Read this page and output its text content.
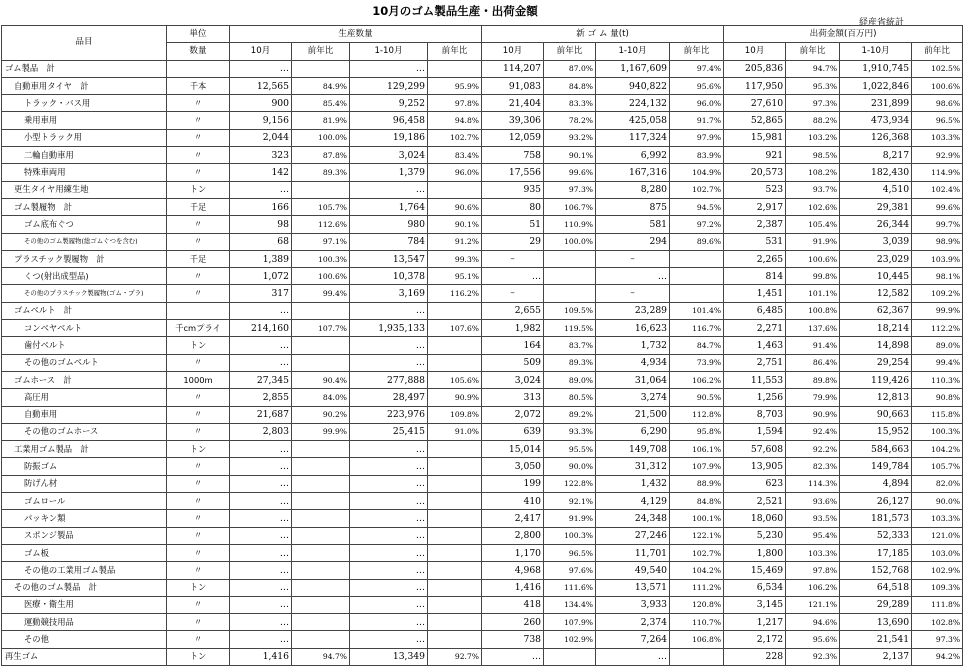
10月のゴム製品生産・出荷金額
経産省統計
品目	単位	生産数量				新 ゴ ム 量(t)				出荷金額(百万円)			
	数量	10月	前年比	1-10月	前年比	10月	前年比	1-10月	前年比	10月	前年比	1-10月	前年比
ゴム製品　計		…		…		114,207	87.0%	1,167,609	97.4%	205,836	94.7%	1,910,745	102.5%
自動車用タイヤ　計	千本	12,565	84.9%	129,299	95.9%	91,083	84.8%	940,822	95.6%	117,950	95.3%	1,022,846	100.6%
トラック・バス用	〃	900	85.4%	9,252	97.8%	21,404	83.3%	224,132	96.0%	27,610	97.3%	231,899	98.6%
乗用車用	〃	9,156	81.9%	96,458	94.8%	39,306	78.2%	425,058	91.7%	52,865	88.2%	473,934	96.5%
小型トラック用	〃	2,044	100.0%	19,186	102.7%	12,059	93.2%	117,324	97.9%	15,981	103.2%	126,368	103.3%
二輪自動車用	〃	323	87.8%	3,024	83.4%	758	90.1%	6,992	83.9%	921	98.5%	8,217	92.9%
特殊車両用	〃	142	89.3%	1,379	96.0%	17,556	99.6%	167,316	104.9%	20,573	108.2%	182,430	114.9%
更生タイヤ用練生地	トン	…		…		935	97.3%	8,280	102.7%	523	93.7%	4,510	102.4%
ゴム製履物　計	千足	166	105.7%	1,764	90.6%	80	106.7%	875	94.5%	2,917	102.6%	29,381	99.6%
ゴム底布ぐつ	〃	98	112.6%	980	90.1%	51	110.9%	581	97.2%	2,387	105.4%	26,344	99.7%
その他のゴム製履物(総ゴムぐつを含む)	〃	68	97.1%	784	91.2%	29	100.0%	294	89.6%	531	91.9%	3,039	98.9%
プラスチック製履物　計	千足	1,389	100.3%	13,547	99.3%	–		–		2,265	100.6%	23,029	103.9%
くつ(射出成型品)	〃	1,072	100.6%	10,378	95.1%	…		…		814	99.8%	10,445	98.1%
その他のプラスチック製履物(ゴム・プラ)	〃	317	99.4%	3,169	116.2%	–		–		1,451	101.1%	12,582	109.2%
ゴムベルト　計		…		…		2,655	109.5%	23,289	101.4%	6,485	100.8%	62,367	99.9%
コンベヤベルト	千cmプライ	214,160	107.7%	1,935,133	107.6%	1,982	119.5%	16,623	116.7%	2,271	137.6%	18,214	112.2%
歯付ベルト	トン	…		…		164	83.7%	1,732	84.7%	1,463	91.4%	14,898	89.0%
その他のゴムベルト	〃	…		…		509	89.3%	4,934	73.9%	2,751	86.4%	29,254	99.4%
ゴムホース　計	1000m	27,345	90.4%	277,888	105.6%	3,024	89.0%	31,064	106.2%	11,553	89.8%	119,426	110.3%
高圧用	〃	2,855	84.0%	28,497	90.9%	313	80.5%	3,274	90.5%	1,256	79.9%	12,813	90.8%
自動車用	〃	21,687	90.2%	223,976	109.8%	2,072	89.2%	21,500	112.8%	8,703	90.9%	90,663	115.8%
その他のゴムホース	〃	2,803	99.9%	25,415	91.0%	639	93.3%	6,290	95.8%	1,594	92.4%	15,952	100.3%
工業用ゴム製品　計	トン	…		…		15,014	95.5%	149,708	106.1%	57,608	92.2%	584,663	104.2%
防振ゴム	〃	…		…		3,050	90.0%	31,312	107.9%	13,905	82.3%	149,784	105.7%
防げん材	〃	…		…		199	122.8%	1,432	88.9%	623	114.3%	4,894	82.0%
ゴムロール	〃	…		…		410	92.1%	4,129	84.8%	2,521	93.6%	26,127	90.0%
パッキン類	〃	…		…		2,417	91.9%	24,348	100.1%	18,060	93.5%	181,573	103.3%
スポンジ製品	〃	…		…		2,800	100.3%	27,246	122.1%	5,230	95.4%	52,333	121.0%
ゴム板	〃	…		…		1,170	96.5%	11,701	102.7%	1,800	103.3%	17,185	103.0%
その他の工業用ゴム製品	〃	…		…		4,968	97.6%	49,540	104.2%	15,469	97.8%	152,768	102.9%
その他のゴム製品　計	トン	…		…		1,416	111.6%	13,571	111.2%	6,534	106.2%	64,518	109.3%
医療・衛生用	〃	…		…		418	134.4%	3,933	120.8%	3,145	121.1%	29,289	111.8%
運動競技用品	〃	…		…		260	107.9%	2,374	110.7%	1,217	94.6%	13,690	102.8%
その他	〃	…		…		738	102.9%	7,264	106.8%	2,172	95.6%	21,541	97.3%
再生ゴム	トン	1,416	94.7%	13,349	92.7%	…		…		228	92.3%	2,137	94.2%
